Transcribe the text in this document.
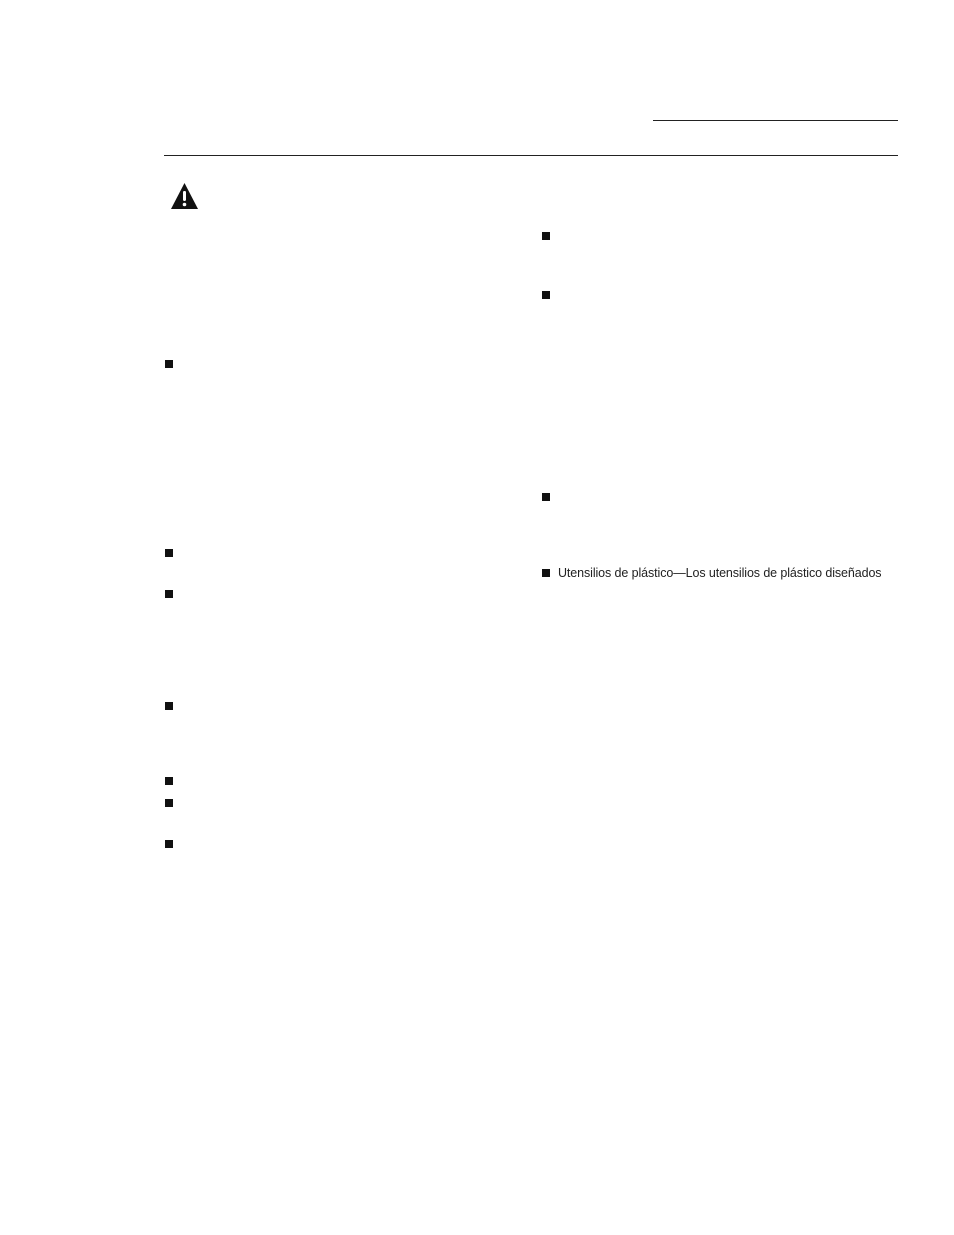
Utensilios de plástico—Los utensilios de plástico diseñados
